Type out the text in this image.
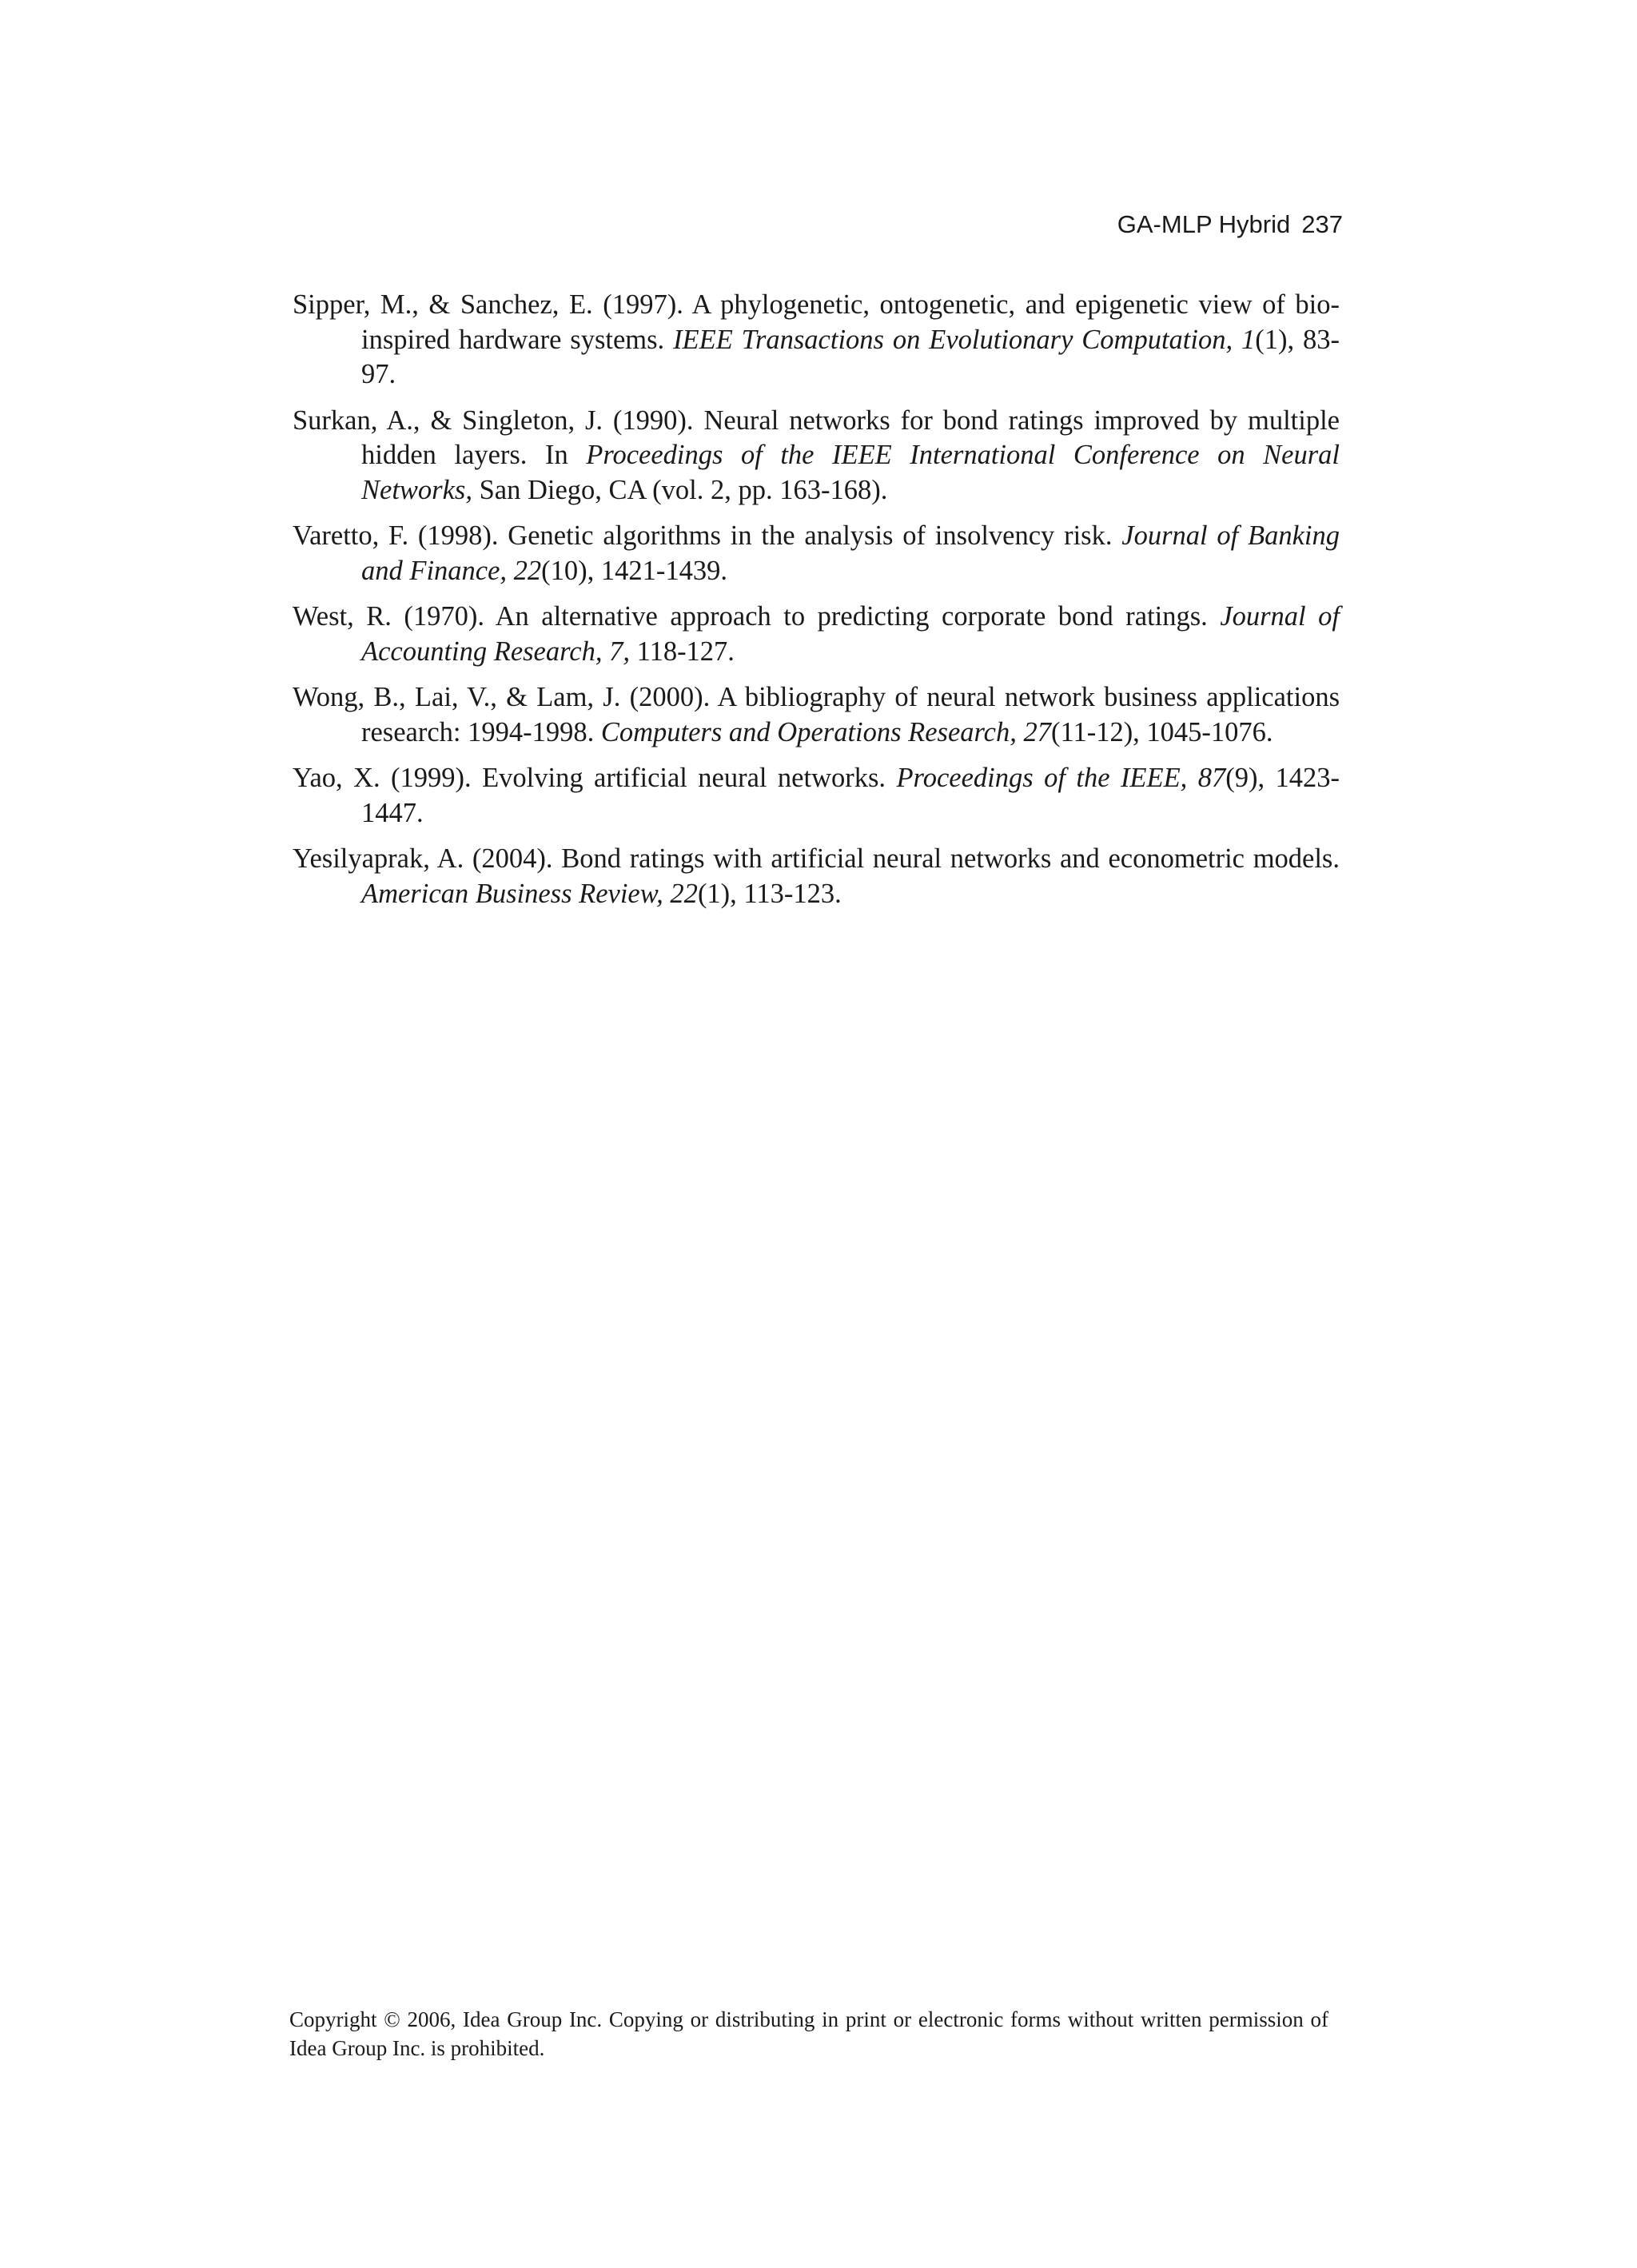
GA-MLP Hybrid 237

Sipper, M., & Sanchez, E. (1997). A phylogenetic, ontogenetic, and epigenetic view of bio-inspired hardware systems. IEEE Transactions on Evolutionary Computation, 1(1), 83-97.

Surkan, A., & Singleton, J. (1990). Neural networks for bond ratings improved by multiple hidden layers. In Proceedings of the IEEE International Conference on Neural Networks, San Diego, CA (vol. 2, pp. 163-168).

Varetto, F. (1998). Genetic algorithms in the analysis of insolvency risk. Journal of Banking and Finance, 22(10), 1421-1439.

West, R. (1970). An alternative approach to predicting corporate bond ratings. Journal of Accounting Research, 7, 118-127.

Wong, B., Lai, V., & Lam, J. (2000). A bibliography of neural network business applications research: 1994-1998. Computers and Operations Research, 27(11-12), 1045-1076.

Yao, X. (1999). Evolving artificial neural networks. Proceedings of the IEEE, 87(9), 1423-1447.

Yesilyaprak, A. (2004). Bond ratings with artificial neural networks and econometric models. American Business Review, 22(1), 113-123.

Copyright © 2006, Idea Group Inc. Copying or distributing in print or electronic forms without written permission of Idea Group Inc. is prohibited.
